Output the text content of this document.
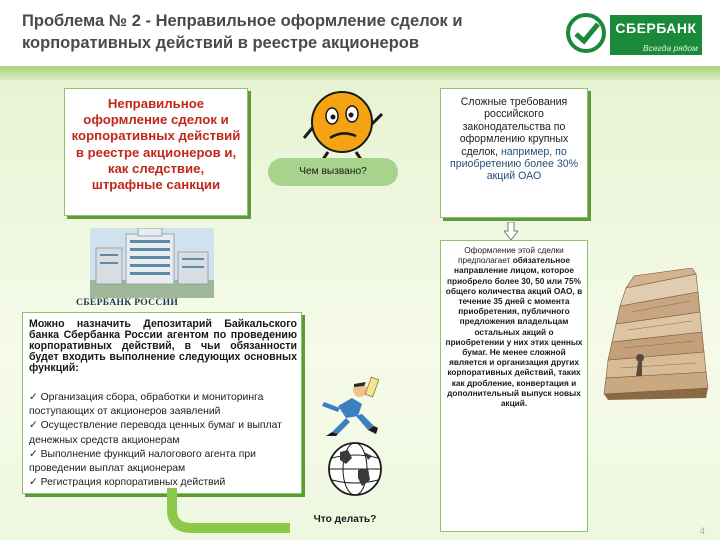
Проблема № 2 - Неправильное оформление сделок и
корпоративных действий в реестре акционеров
СБЕРБАНК
Всегда рядом
Неправильное оформление сделок и корпоративных действий в реестре акционеров и, как следствие, штрафные санкции
Чем вызвано?
Сложные требования российского законодательства по оформлению крупных сделок, например, по приобретению более 30% акций ОАО
СБЕРБАНК РОССИИ
Можно назначить Депозитарий Байкальского банка Сбербанка России агентом по проведению корпоративных действий, в чьи обязанности будет входить выполнение следующих основных функций:
✓ Организация сбора, обработки и мониторинга поступающих от акционеров заявлений
✓ Осуществление перевода ценных бумаг и выплат денежных средств акционерам
✓ Выполнение функций налогового агента при проведении выплат акционерам
✓ Регистрация корпоративных действий
Оформление этой сделки предполагает обязательное направление лицом, которое приобрело более 30, 50 или 75% общего количества акций ОАО, в течение 35 дней с момента приобретения, публичного предложения владельцам остальных акций о приобретении у них этих ценных бумаг. Не менее сложной является и организация других корпоративных действий, таких как дробление, конвертация и дополнительный выпуск новых акций.
Что делать?
4
